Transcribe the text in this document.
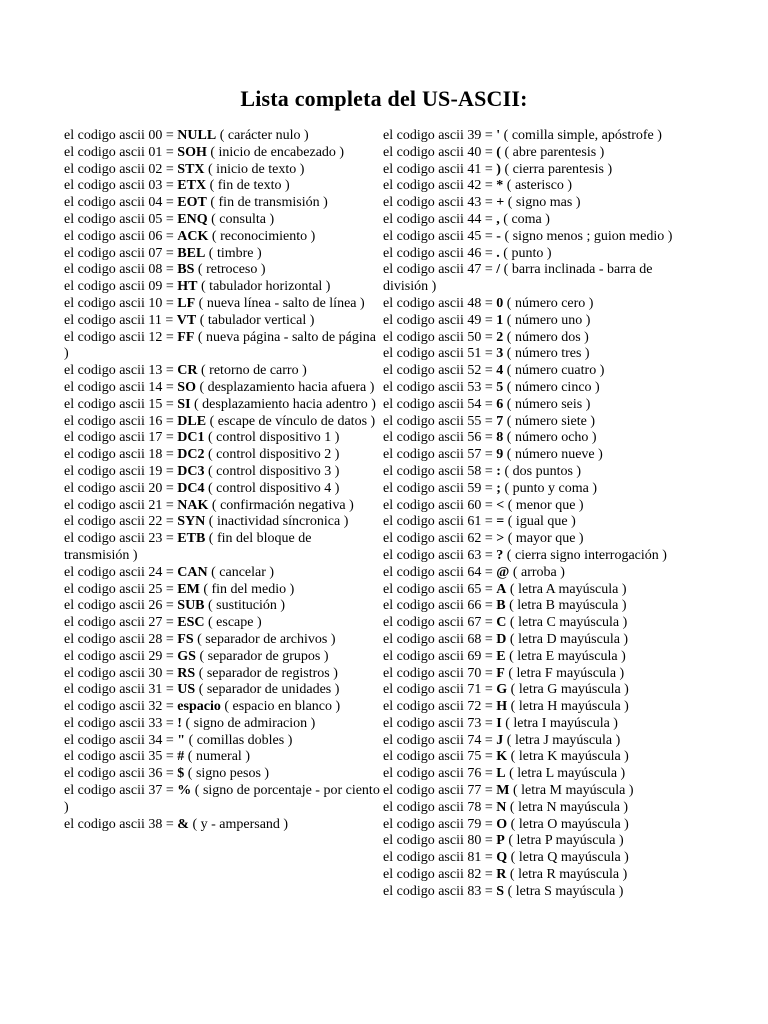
Lista completa del US-ASCII:
el codigo ascii 00 = NULL ( carácter nulo )
el codigo ascii 01 = SOH ( inicio de encabezado )
el codigo ascii 02 = STX ( inicio de texto )
el codigo ascii 03 = ETX ( fin de texto )
el codigo ascii 04 = EOT ( fin de transmisión )
el codigo ascii 05 = ENQ ( consulta )
el codigo ascii 06 = ACK ( reconocimiento )
el codigo ascii 07 = BEL ( timbre )
el codigo ascii 08 = BS ( retroceso )
el codigo ascii 09 = HT ( tabulador horizontal )
el codigo ascii 10 = LF ( nueva línea - salto de línea )
el codigo ascii 11 = VT ( tabulador vertical )
el codigo ascii 12 = FF ( nueva página - salto de página )
el codigo ascii 13 = CR ( retorno de carro )
el codigo ascii 14 = SO ( desplazamiento hacia afuera )
el codigo ascii 15 = SI ( desplazamiento hacia adentro )
el codigo ascii 16 = DLE ( escape de vínculo de datos )
el codigo ascii 17 = DC1 ( control dispositivo 1 )
el codigo ascii 18 = DC2 ( control dispositivo 2 )
el codigo ascii 19 = DC3 ( control dispositivo 3 )
el codigo ascii 20 = DC4 ( control dispositivo 4 )
el codigo ascii 21 = NAK ( confirmación negativa )
el codigo ascii 22 = SYN ( inactividad síncronica )
el codigo ascii 23 = ETB ( fin del bloque de transmisión )
el codigo ascii 24 = CAN ( cancelar )
el codigo ascii 25 = EM ( fin del medio )
el codigo ascii 26 = SUB ( sustitución )
el codigo ascii 27 = ESC ( escape )
el codigo ascii 28 = FS ( separador de archivos )
el codigo ascii 29 = GS ( separador de grupos )
el codigo ascii 30 = RS ( separador de registros )
el codigo ascii 31 = US ( separador de unidades )
el codigo ascii 32 = espacio ( espacio en blanco )
el codigo ascii 33 = ! ( signo de admiracion )
el codigo ascii 34 = " ( comillas dobles )
el codigo ascii 35 = # ( numeral )
el codigo ascii 36 = $ ( signo pesos )
el codigo ascii 37 = % ( signo de porcentaje - por ciento )
el codigo ascii 38 = & ( y - ampersand )
el codigo ascii 39 = ' ( comilla simple, apóstrofe )
el codigo ascii 40 = ( ( abre parentesis )
el codigo ascii 41 = ) ( cierra parentesis )
el codigo ascii 42 = * ( asterisco )
el codigo ascii 43 = + ( signo mas )
el codigo ascii 44 = , ( coma )
el codigo ascii 45 = - ( signo menos ; guion medio )
el codigo ascii 46 = . ( punto )
el codigo ascii 47 = / ( barra inclinada - barra de división )
el codigo ascii 48 = 0 ( número cero )
el codigo ascii 49 = 1 ( número uno )
el codigo ascii 50 = 2 ( número dos )
el codigo ascii 51 = 3 ( número tres )
el codigo ascii 52 = 4 ( número cuatro )
el codigo ascii 53 = 5 ( número cinco )
el codigo ascii 54 = 6 ( número seis )
el codigo ascii 55 = 7 ( número siete )
el codigo ascii 56 = 8 ( número ocho )
el codigo ascii 57 = 9 ( número nueve )
el codigo ascii 58 = : ( dos puntos )
el codigo ascii 59 = ; ( punto y coma )
el codigo ascii 60 = < ( menor que )
el codigo ascii 61 = = ( igual que )
el codigo ascii 62 = > ( mayor que )
el codigo ascii 63 = ? ( cierra signo interrogación )
el codigo ascii 64 = @ ( arroba )
el codigo ascii 65 = A ( letra A mayúscula )
el codigo ascii 66 = B ( letra B mayúscula )
el codigo ascii 67 = C ( letra C mayúscula )
el codigo ascii 68 = D ( letra D mayúscula )
el codigo ascii 69 = E ( letra E mayúscula )
el codigo ascii 70 = F ( letra F mayúscula )
el codigo ascii 71 = G ( letra G mayúscula )
el codigo ascii 72 = H ( letra H mayúscula )
el codigo ascii 73 = I ( letra I mayúscula )
el codigo ascii 74 = J ( letra J mayúscula )
el codigo ascii 75 = K ( letra K mayúscula )
el codigo ascii 76 = L ( letra L mayúscula )
el codigo ascii 77 = M ( letra M mayúscula )
el codigo ascii 78 = N ( letra N mayúscula )
el codigo ascii 79 = O ( letra O mayúscula )
el codigo ascii 80 = P ( letra P mayúscula )
el codigo ascii 81 = Q ( letra Q mayúscula )
el codigo ascii 82 = R ( letra R mayúscula )
el codigo ascii 83 = S ( letra S mayúscula )
